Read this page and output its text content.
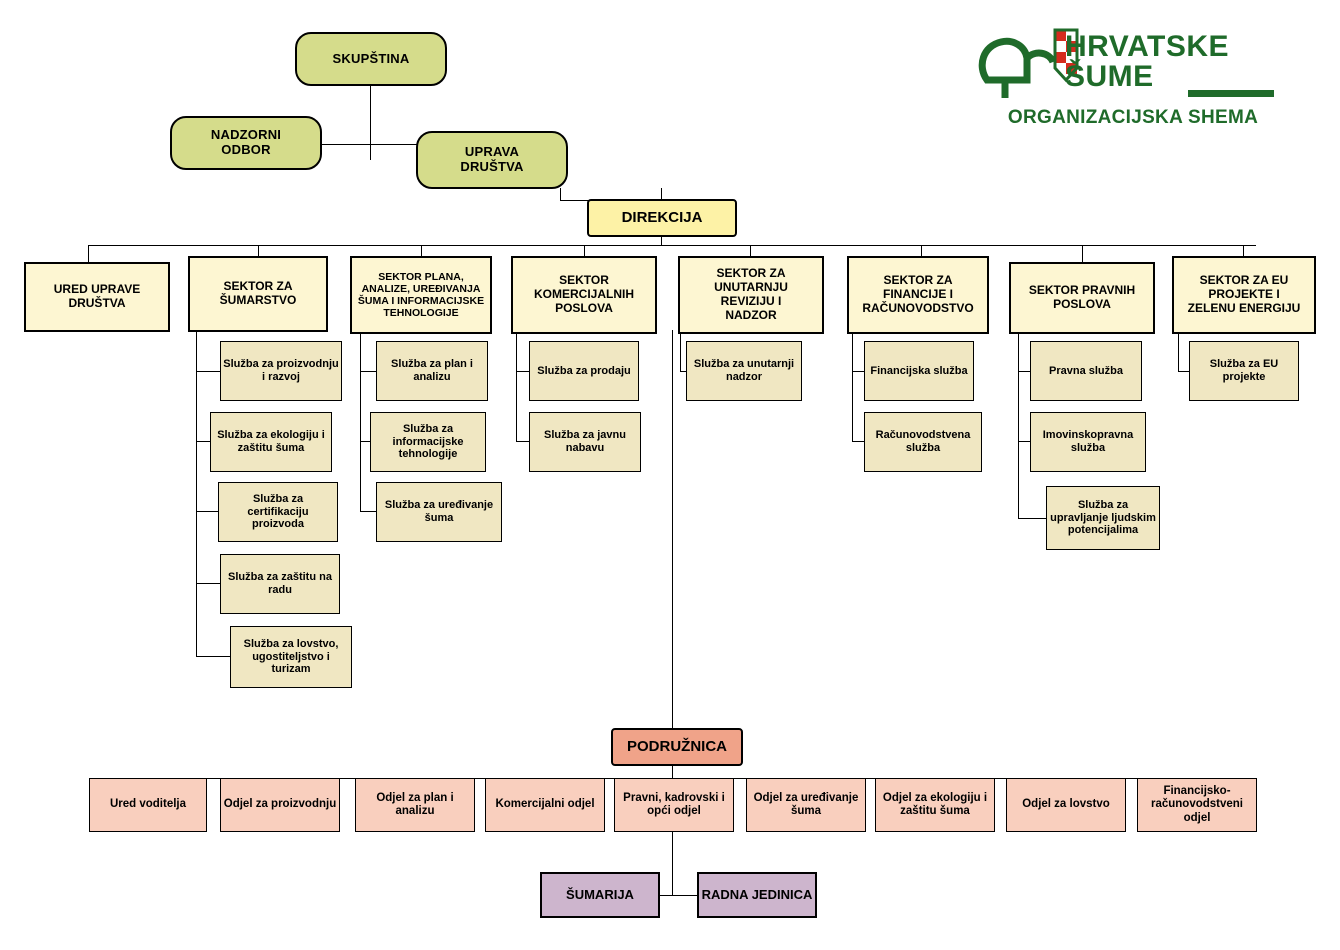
HRVATSKE
ŠUME
ORGANIZACIJSKA SHEMA
SKUPŠTINA
NADZORNI
ODBOR	UPRAVA
DRUŠTVA
DIREKCIJA
URED UPRAVE
DRUŠTVA
SEKTOR ZA
ŠUMARSTVO
Služba za proizvodnju i razvoj
Služba za ekologiju i zaštitu šuma
Služba za certifikaciju proizvoda
Služba za zaštitu na radu
Služba za lovstvo, ugostiteljstvo i turizam
SEKTOR PLANA,
ANALIZE, UREĐIVANJA
ŠUMA I INFORMACIJSKE
TEHNOLOGIJE
Služba za plan i analizu
Služba za informacijske tehnologije
Služba za uređivanje šuma
SEKTOR
KOMERCIJALNIH
POSLOVA
Služba za prodaju
Služba za javnu nabavu
SEKTOR ZA
UNUTARNJU
REVIZIJU I
NADZOR
Služba za unutarnji nadzor
SEKTOR ZA
FINANCIJE I
RAČUNOVODSTVO
Financijska služba
Računovodstvena služba
SEKTOR PRAVNIH
POSLOVA
Pravna služba
Imovinskopravna služba
Služba za upravljanje ljudskim potencijalima
SEKTOR ZA EU
PROJEKTE I
ZELENU ENERGIJU
Služba za EU projekte
PODRUŽNICA
Ured voditelja	Odjel za proizvodnju
Odjel za plan i analizu
Komercijalni odjel
Pravni, kadrovski i opći odjel
Odjel za uređivanje šuma
Odjel za ekologiju i zaštitu šuma
Odjel za lovstvo
Financijsko-računovodstveni odjel
ŠUMARIJA	RADNA JEDINICA
